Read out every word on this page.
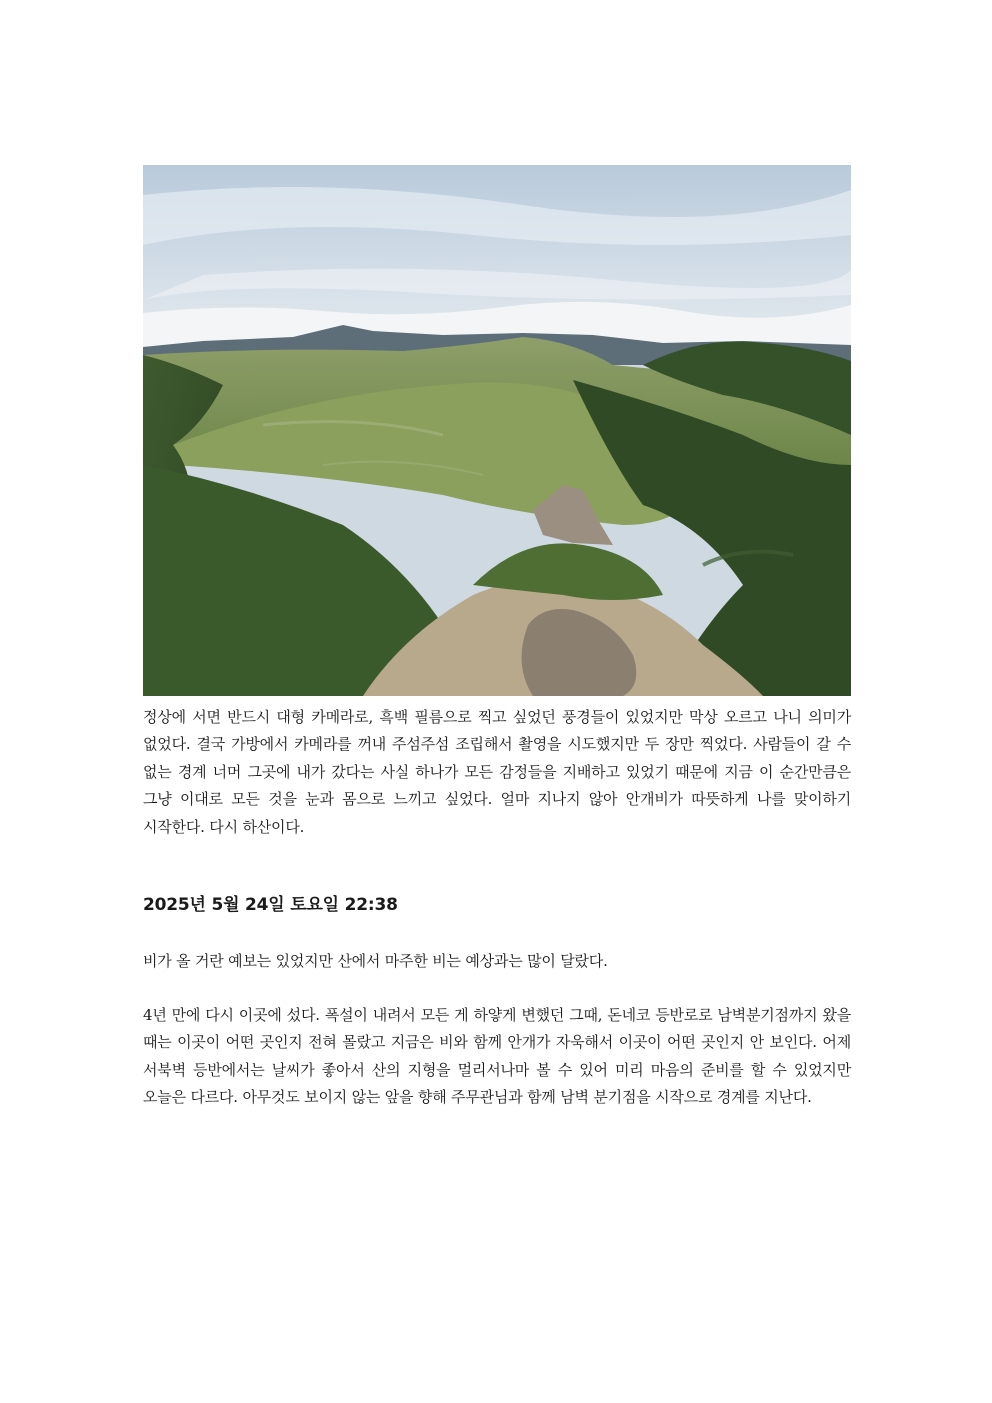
정상에 서면 반드시 대형 카메라로, 흑백 필름으로 찍고 싶었던 풍경들이 있었지만 막상 오르고 나니 의미가 없었다. 결국 가방에서 카메라를 꺼내 주섬주섬 조립해서 촬영을 시도했지만 두 장만 찍었다. 사람들이 갈 수 없는 경계 너머 그곳에 내가 갔다는 사실 하나가 모든 감정들을 지배하고 있었기 때문에 지금 이 순간만큼은 그냥 이대로 모든 것을 눈과 몸으로 느끼고 싶었다. 얼마 지나지 않아 안개비가 따뜻하게 나를 맞이하기 시작한다. 다시 하산이다.

2025년 5월 24일 토요일 22:38

비가 올 거란 예보는 있었지만 산에서 마주한 비는 예상과는 많이 달랐다.

4년 만에 다시 이곳에 섰다. 폭설이 내려서 모든 게 하얗게 변했던 그때, 돈네코 등반로로 남벽분기점까지 왔을 때는 이곳이 어떤 곳인지 전혀 몰랐고 지금은 비와 함께 안개가 자욱해서 이곳이 어떤 곳인지 안 보인다. 어제 서북벽 등반에서는 날씨가 좋아서 산의 지형을 멀리서나마 볼 수 있어 미리 마음의 준비를 할 수 있었지만 오늘은 다르다. 아무것도 보이지 않는 앞을 향해 주무관님과 함께 남벽 분기점을 시작으로 경계를 지난다.
